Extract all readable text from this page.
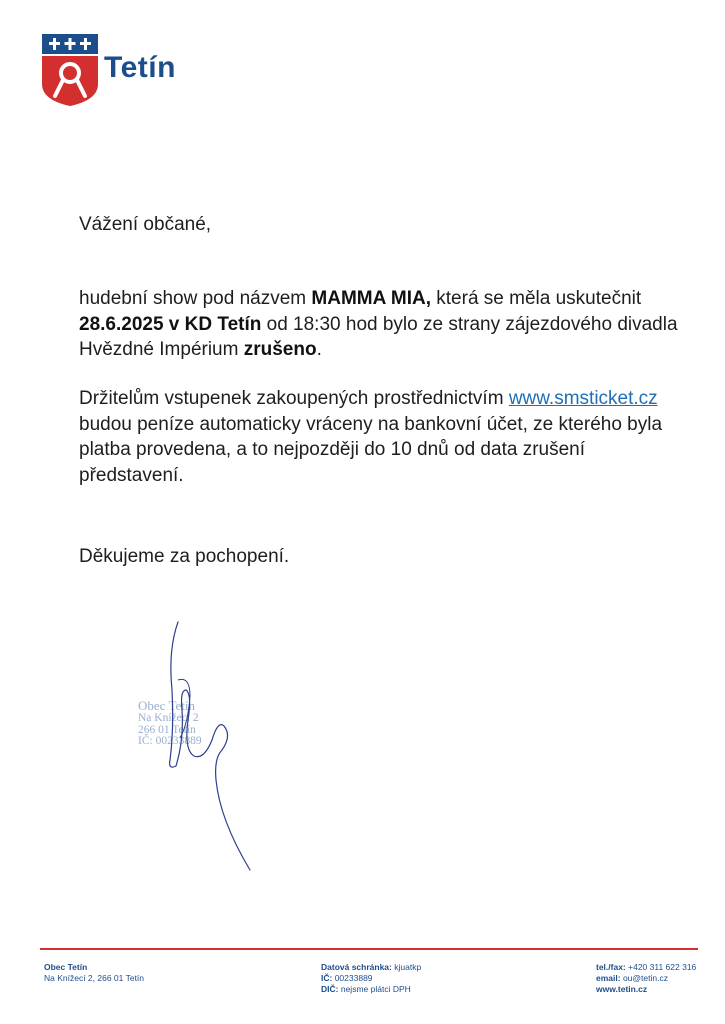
Tetín
Vážení občané,
hudební show pod názvem MAMMA MIA, která se měla uskutečnit 28.6.2025 v KD Tetín od 18:30 hod bylo ze strany zájezdového divadla Hvězdné Impérium zrušeno.
Držitelům vstupenek zakoupených prostřednictvím www.smsticket.cz budou peníze automaticky vráceny na bankovní účet, ze kterého byla platba provedena, a to nejpozději do 10 dnů od data zrušení představení.
Děkujeme za pochopení.
Obec Tetín
Na Knížecí 2
266 01 Tetín
IČ: 00233889
Obec Tetín
Na Knížecí 2, 266 01 Tetín
Datová schránka: kjuatkp
IČ: 00233889
DIČ: nejsme plátci DPH
tel./fax: +420 311 622 316
email: ou@tetin.cz
www.tetin.cz
